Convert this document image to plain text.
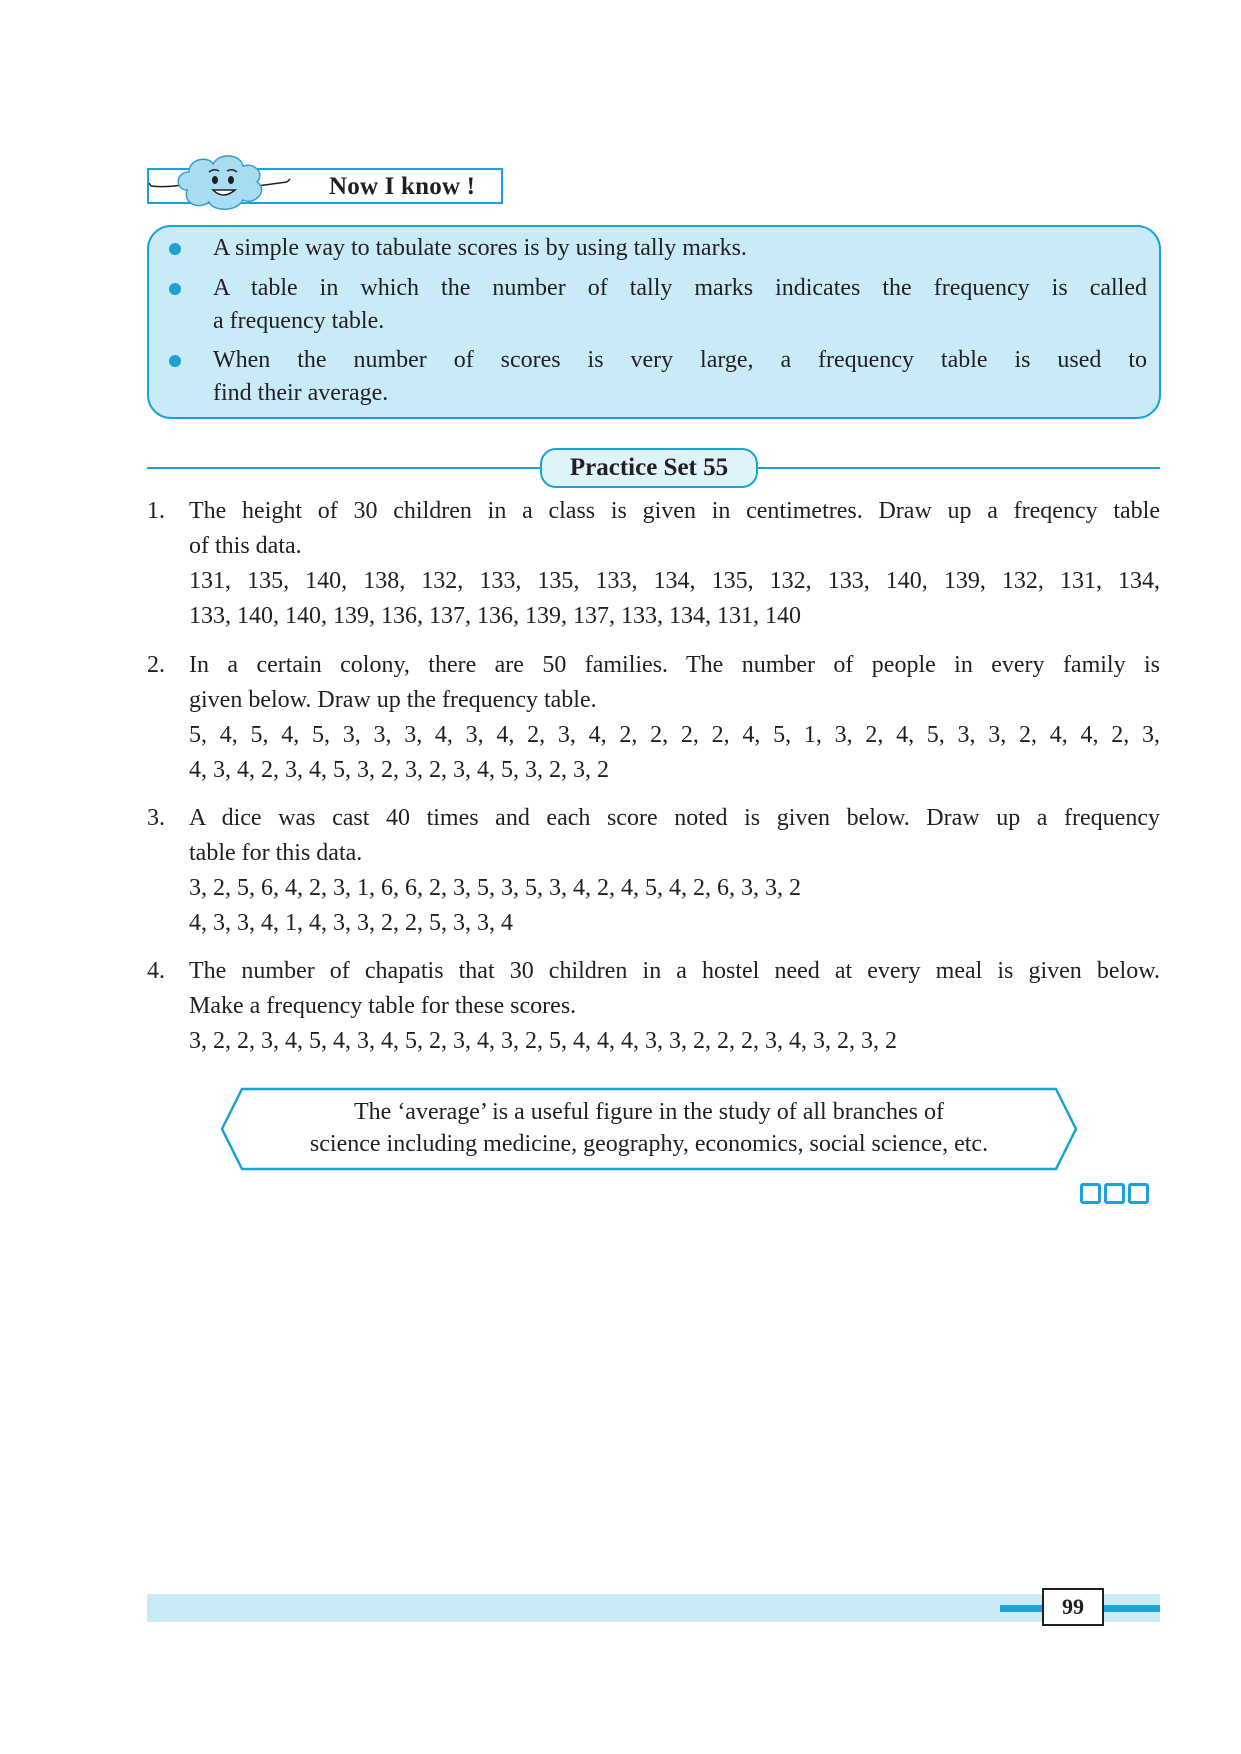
Now I know !
A simple way to tabulate scores is by using tally marks.
A table in which the number of tally marks indicates the frequency is called
a frequency table.
When the number of scores is very large, a frequency table is used to
find their average.
Practice Set 55
1. The height of 30 children in a class is given in centimetres. Draw up a freqency table
of this data.
131, 135, 140, 138, 132, 133, 135, 133, 134, 135, 132, 133, 140, 139, 132, 131, 134,
133, 140, 140, 139, 136, 137, 136, 139, 137, 133, 134, 131, 140
2. In a certain colony, there are 50 families. The number of people in every family is
given below. Draw up the frequency table.
5, 4, 5, 4, 5, 3, 3, 3, 4, 3, 4, 2, 3, 4, 2, 2, 2, 2, 4, 5, 1, 3, 2, 4, 5, 3, 3, 2, 4, 4, 2, 3,
4, 3, 4, 2, 3, 4, 5, 3, 2, 3, 2, 3, 4, 5, 3, 2, 3, 2
3. A dice was cast 40 times and each score noted is given below. Draw up a frequency
table for this data.
3, 2, 5, 6, 4, 2, 3, 1, 6, 6, 2, 3, 5, 3, 5, 3, 4, 2, 4, 5, 4, 2, 6, 3, 3, 2
4, 3, 3, 4, 1, 4, 3, 3, 2, 2, 5, 3, 3, 4
4. The number of chapatis that 30 children in a hostel need at every meal is given below.
Make a frequency table for these scores.
3, 2, 2, 3, 4, 5, 4, 3, 4, 5, 2, 3, 4, 3, 2, 5, 4, 4, 4, 3, 3, 2, 2, 2, 3, 4, 3, 2, 3, 2
The ‘average’ is a useful figure in the study of all branches of
science including medicine, geography, economics, social science, etc.
99
